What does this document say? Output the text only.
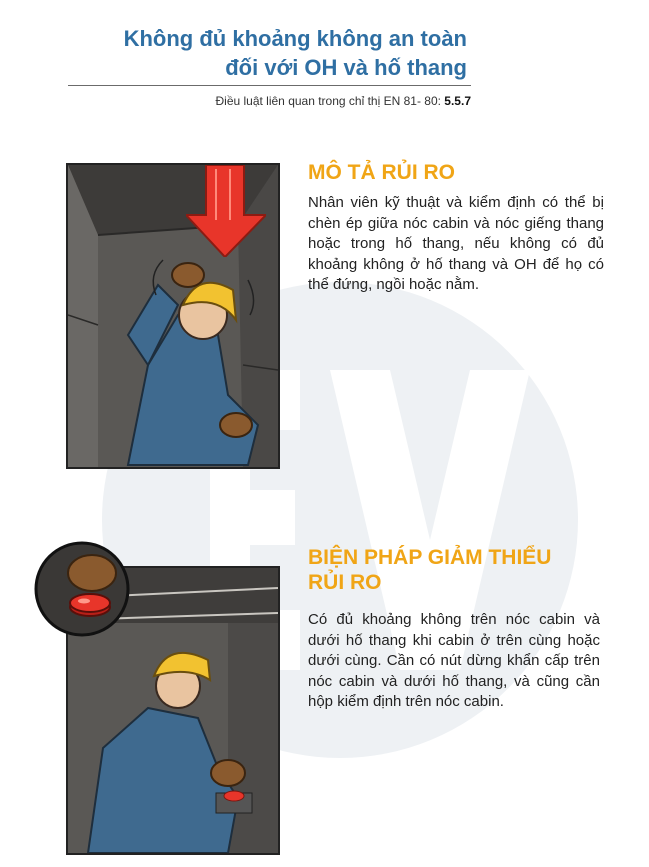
Không đủ khoảng không an toàn
đối với OH và hố thang
Điều luật liên quan trong chỉ thị EN 81- 80: 5.5.7
MÔ TẢ RỦI RO
Nhân viên kỹ thuật và kiểm định có thể bị chèn ép giữa nóc cabin và nóc giếng thang hoặc trong hố thang, nếu không có đủ khoảng không ở hố thang và OH để họ có thể đứng, ngồi hoặc nằm.
BIỆN PHÁP GIẢM THIỂU
RỦI RO
Có đủ khoảng không trên nóc cabin và dưới hố thang khi cabin ở trên cùng hoặc dưới cùng. Cần có nút dừng khẩn cấp trên nóc cabin và dưới hố thang, và cũng cần hộp kiểm định trên nóc cabin.
